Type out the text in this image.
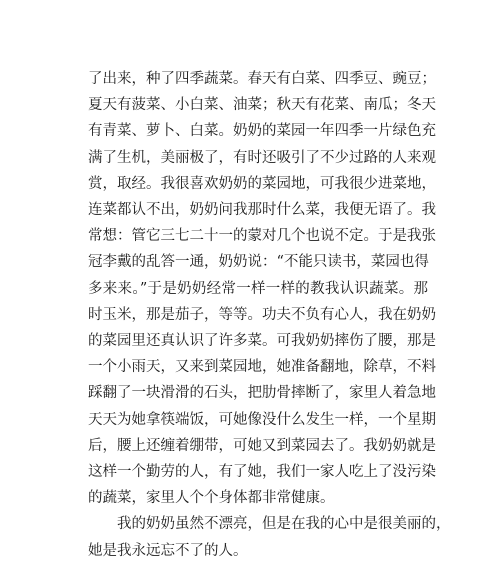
了出来，种了四季蔬菜。春天有白菜、四季豆、豌豆；
夏天有菠菜、小白菜、油菜；秋天有花菜、南瓜；冬天
有青菜、萝卜、白菜。奶奶的菜园一年四季一片绿色充
满了生机，美丽极了，有时还吸引了不少过路的人来观
赏，取经。我很喜欢奶奶的菜园地，可我很少进菜地，
连菜都认不出，奶奶问我那时什么菜，我便无语了。我
常想：管它三七二十一的蒙对几个也说不定。于是我张
冠李戴的乱答一通，奶奶说：“不能只读书，菜园也得
多来来。”于是奶奶经常一样一样的教我认识蔬菜。那
时玉米，那是茄子，等等。功夫不负有心人，我在奶奶
的菜园里还真认识了许多菜。可我奶奶摔伤了腰，那是
一个小雨天，又来到菜园地，她准备翻地，除草，不料
踩翻了一块滑滑的石头，把肋骨摔断了，家里人着急地
天天为她拿筷端饭，可她像没什么发生一样，一个星期
后，腰上还缠着绷带，可她又到菜园去了。我奶奶就是
这样一个勤劳的人，有了她，我们一家人吃上了没污染
的蔬菜，家里人个个身体都非常健康。
　　我的奶奶虽然不漂亮，但是在我的心中是很美丽的，
她是我永远忘不了的人。
